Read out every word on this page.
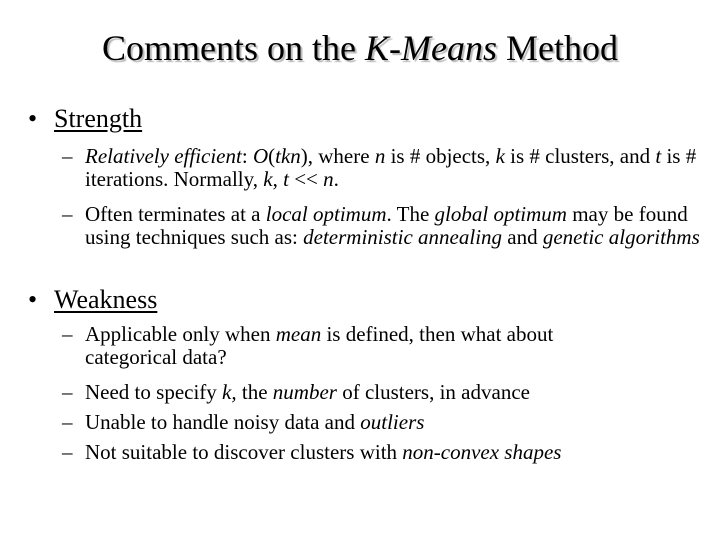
Comments on the K-Means Method
• Strength
– Relatively efficient: O(tkn), where n is # objects, k is # clusters, and t is # iterations. Normally, k, t << n.
– Often terminates at a local optimum. The global optimum may be found using techniques such as: deterministic annealing and genetic algorithms
• Weakness
– Applicable only when mean is defined, then what about categorical data?
– Need to specify k, the number of clusters, in advance
– Unable to handle noisy data and outliers
– Not suitable to discover clusters with non-convex shapes
